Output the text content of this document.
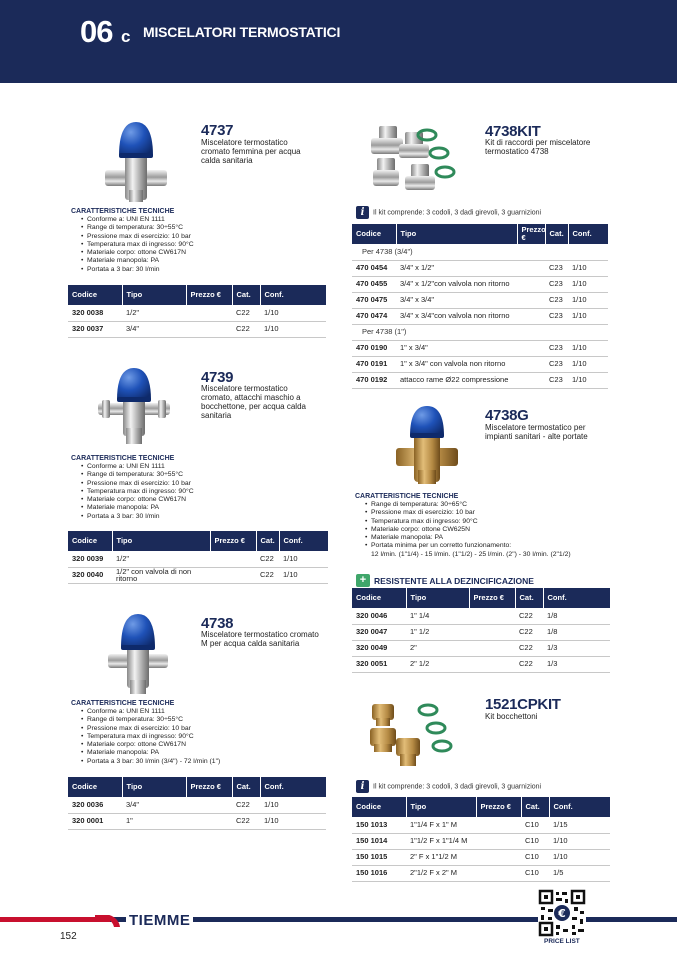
06 c MISCELATORI TERMOSTATICI
4737
Miscelatore termostatico cromato femmina per acqua calda sanitaria
CARATTERISTICHE TECNICHE
• Conforme a: UNI EN 1111
• Range di temperatura: 30÷55°C
• Pressione max di esercizio: 10 bar
• Temperatura max di ingresso: 90°C
• Materiale corpo: ottone CW617N
• Materiale manopola: PA
• Portata a 3 bar: 30 l/min
Codice	Tipo	Prezzo €	Cat.	Conf.
320 0038	1/2"		C22	1/10
320 0037	3/4"		C22	1/10
4739
Miscelatore termostatico cromato, attacchi maschio a bocchettone, per acqua calda sanitaria
CARATTERISTICHE TECNICHE
• Conforme a: UNI EN 1111
• Range di temperatura: 30÷55°C
• Pressione max di esercizio: 10 bar
• Temperatura max di ingresso: 90°C
• Materiale corpo: ottone CW617N
• Materiale manopola: PA
• Portata a 3 bar: 30 l/min
Codice	Tipo	Prezzo €	Cat.	Conf.
320 0039	1/2"		C22	1/10
320 0040	1/2" con valvola di non ritorno		C22	1/10
4738
Miscelatore termostatico cromato M per acqua calda sanitaria
CARATTERISTICHE TECNICHE
• Conforme a: UNI EN 1111
• Range di temperatura: 30÷55°C
• Pressione max di esercizio: 10 bar
• Temperatura max di ingresso: 90°C
• Materiale corpo: ottone CW617N
• Materiale manopola: PA
• Portata a 3 bar: 30 l/min (3/4") - 72 l/min (1")
Codice	Tipo	Prezzo €	Cat.	Conf.
320 0036	3/4"		C22	1/10
320 0001	1"		C22	1/10
4738KIT
Kit di raccordi per miscelatore termostatico 4738
i Il kit comprende: 3 codoli, 3 dadi girevoli, 3 guarnizioni
Codice	Tipo	Prezzo €	Cat.	Conf.
Per 4738 (3/4")				
470 0454	3/4" x 1/2"		C23	1/10
470 0455	3/4" x 1/2"con valvola non ritorno		C23	1/10
470 0475	3/4" x 3/4"		C23	1/10
470 0474	3/4" x 3/4"con valvola non ritorno		C23	1/10
Per 4738 (1")				
470 0190	1" x 3/4"		C23	1/10
470 0191	1" x 3/4" con valvola non ritorno		C23	1/10
470 0192	attacco rame Ø22 compressione		C23	1/10
4738G
Miscelatore termostatico per impianti sanitari - alte portate
CARATTERISTICHE TECNICHE
• Range di temperatura: 30÷65°C
• Pressione max di esercizio: 10 bar
• Temperatura max di ingresso: 90°C
• Materiale corpo: ottone CW625N
• Materiale manopola: PA
• Portata minima per un corretto funzionamento:
12 l/min. (1"1/4) - 15 l/min. (1"1/2) - 25 l/min. (2") - 30 l/min. (2"1/2)
+ RESISTENTE ALLA DEZINCIFICAZIONE
Codice	Tipo	Prezzo €	Cat.	Conf.
320 0046	1" 1/4		C22	1/8
320 0047	1" 1/2		C22	1/8
320 0049	2"		C22	1/3
320 0051	2" 1/2		C22	1/3
1521CPKIT
Kit bocchettoni
i Il kit comprende: 3 codoli, 3 dadi girevoli, 3 guarnizioni
Codice	Tipo	Prezzo €	Cat.	Conf.
150 1013	1"1/4 F x 1" M		C10	1/15
150 1014	1"1/2 F x 1"1/4 M		C10	1/10
150 1015	2" F x 1"1/2 M		C10	1/10
150 1016	2"1/2 F x 2" M		C10	1/5
TIEMME
152
€
PRICE LIST
